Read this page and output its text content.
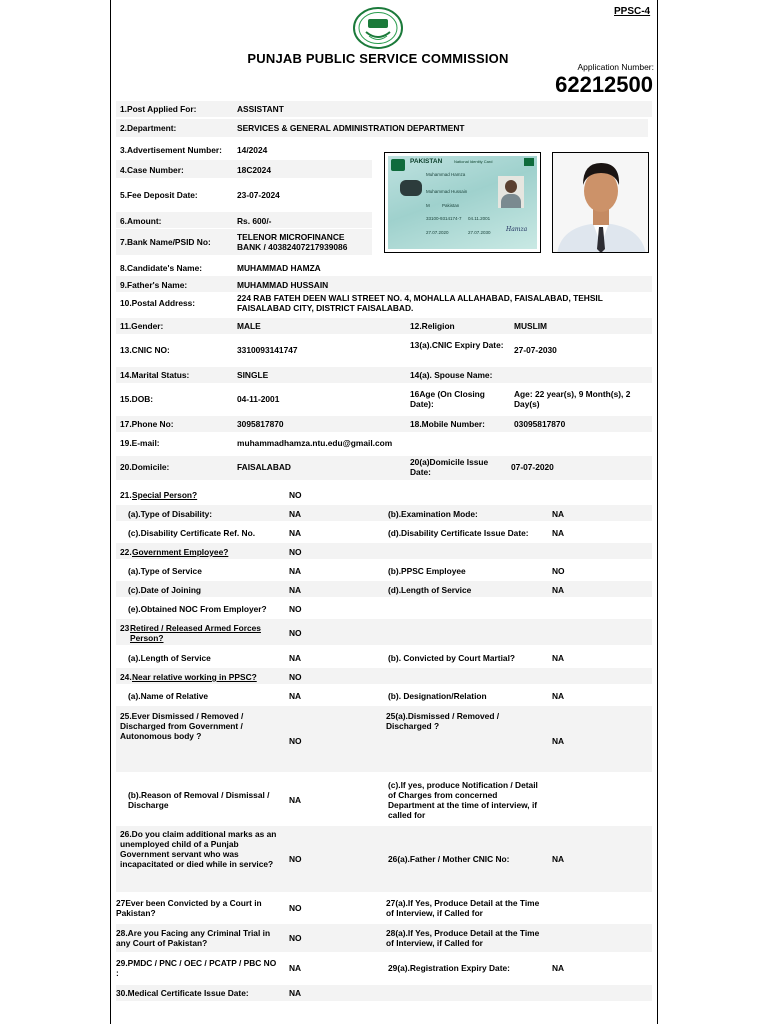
PPSC-4
PUNJAB PUBLIC SERVICE COMMISSION
Application Number:
62212500
PAKISTAN	National Identity Card
Muhammad Hamza
Muhammad Hussain
M	Pakistan
33100-9314174-7 04.11.2001
27.07.2020	27.07.2030	Hamza
1.Post Applied For:	ASSISTANT
2.Department:	SERVICES & GENERAL ADMINISTRATION DEPARTMENT
3.Advertisement Number: 14/2024
4.Case Number:	18C2024
5.Fee Deposit Date:	23-07-2024
6.Amount:	Rs. 600/-
7.Bank Name/PSID No:	TELENOR MICROFINANCE BANK / 40382407217939086
8.Candidate's Name:	MUHAMMAD HAMZA
9.Father's Name:	MUHAMMAD HUSSAIN
10.Postal Address:	224 RAB FATEH DEEN WALI STREET NO. 4, MOHALLA ALLAHABAD, FAISALABAD, TEHSIL FAISALABAD CITY, DISTRICT FAISALABAD.
11.Gender:	MALE	12.Religion	MUSLIM
13.CNIC NO:	3310093141747	13(a).CNIC Expiry Date:	27-07-2030
14.Marital Status:	SINGLE	14(a). Spouse Name:
15.DOB:	04-11-2001	16Age (On Closing Date):
Age: 22 year(s), 9 Month(s), 2 Day(s)
17.Phone No:	3095817870	18.Mobile Number:	03095817870
19.E-mail:	muhammadhamza.ntu.edu@gmail.com
20.Domicile:	FAISALABAD	20(a)Domicile Issue Date:	07-07-2020
21. Special Person?	NO
(a).Type of Disability:	NA	(b).Examination Mode:	NA
(c).Disability Certificate Ref. No.	NA	(d).Disability Certificate Issue Date:	NA
22. Government Employee?	NO
(a).Type of Service	NA	(b).PPSC Employee	NO
(c).Date of Joining	NA	(d).Length of Service	NA
(e).Obtained NOC From Employer?	NO
23 Retired / Released Armed Forces Person?	NO
(a).Length of Service	NA	(b). Convicted by Court Martial?	NA
24. Near relative working in PPSC?	NO
(a).Name of Relative	NA	(b). Designation/Relation	NA
25.Ever Dismissed / Removed / Discharged from Government / Autonomous body ?	NO
25(a).Dismissed / Removed / Discharged ?
NA
(b).Reason of Removal / Dismissal / Discharge	NA
(c).If yes, produce Notification / Detail of Charges from concerned Department at the time of interview, if called for
26.Do you claim additional marks as an unemployed child of a Punjab Government servant who was incapacitated or died while in service?	NO	26(a).Father / Mother CNIC No:	NA
27Ever been Convicted by a Court in Pakistan?	NO	27(a).If Yes, Produce Detail at the Time of Interview, if Called for
28.Are you Facing any Criminal Trial in any Court of Pakistan?	NO	28(a).If Yes, Produce Detail at the Time of Interview, if Called for
29.PMDC / PNC / OEC / PCATP / PBC NO :	NA	29(a).Registration Expiry Date:	NA
30.Medical Certificate Issue Date:	NA
